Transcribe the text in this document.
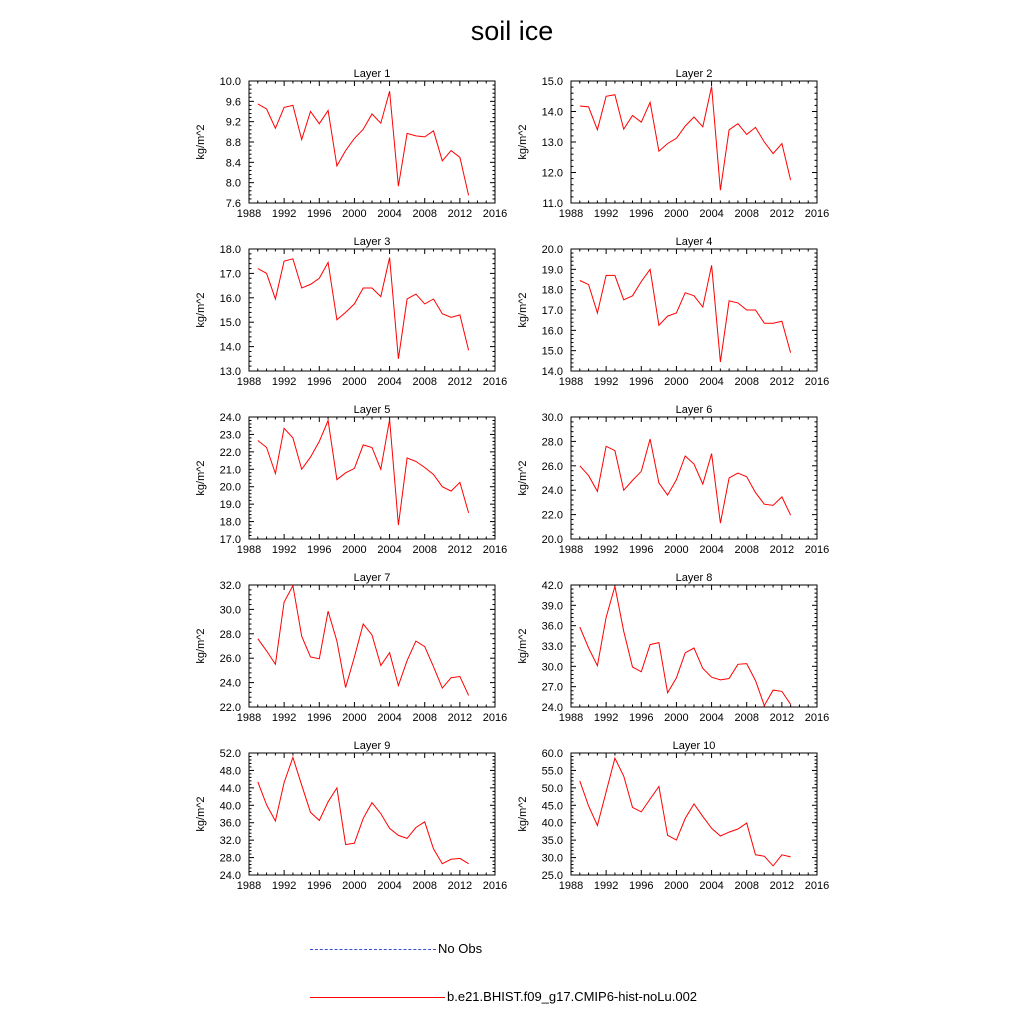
soil ice
Layer 1
kg/m^2
1988 1992 1996 2000 2004 2008 2012 2016
7.6
8.0
8.4
8.8
9.2
9.6
10.0
Layer 2
kg/m^2
1988 1992 1996 2000 2004 2008 2012 2016
11.0
12.0
13.0
14.0
15.0
Layer 3
kg/m^2
1988 1992 1996 2000 2004 2008 2012 2016
13.0
14.0
15.0
16.0
17.0
18.0
Layer 4
kg/m^2
1988 1992 1996 2000 2004 2008 2012 2016
14.0
15.0
16.0
17.0
18.0
19.0
20.0
Layer 5
kg/m^2
1988 1992 1996 2000 2004 2008 2012 2016
17.0
18.0
19.0
20.0
21.0
22.0
23.0
24.0
Layer 6
kg/m^2
1988 1992 1996 2000 2004 2008 2012 2016
20.0
22.0
24.0
26.0
28.0
30.0
Layer 7
kg/m^2
1988 1992 1996 2000 2004 2008 2012 2016
22.0
24.0
26.0
28.0
30.0
32.0
Layer 8
kg/m^2
1988 1992 1996 2000 2004 2008 2012 2016
24.0
27.0
30.0
33.0
36.0
39.0
42.0
Layer 9
kg/m^2
1988 1992 1996 2000 2004 2008 2012 2016
24.0
28.0
32.0
36.0
40.0
44.0
48.0
52.0
Layer 10
kg/m^2
1988 1992 1996 2000 2004 2008 2012 2016
25.0
30.0
35.0
40.0
45.0
50.0
55.0
60.0
No Obs
b.e21.BHIST.f09_g17.CMIP6-hist-noLu.002
